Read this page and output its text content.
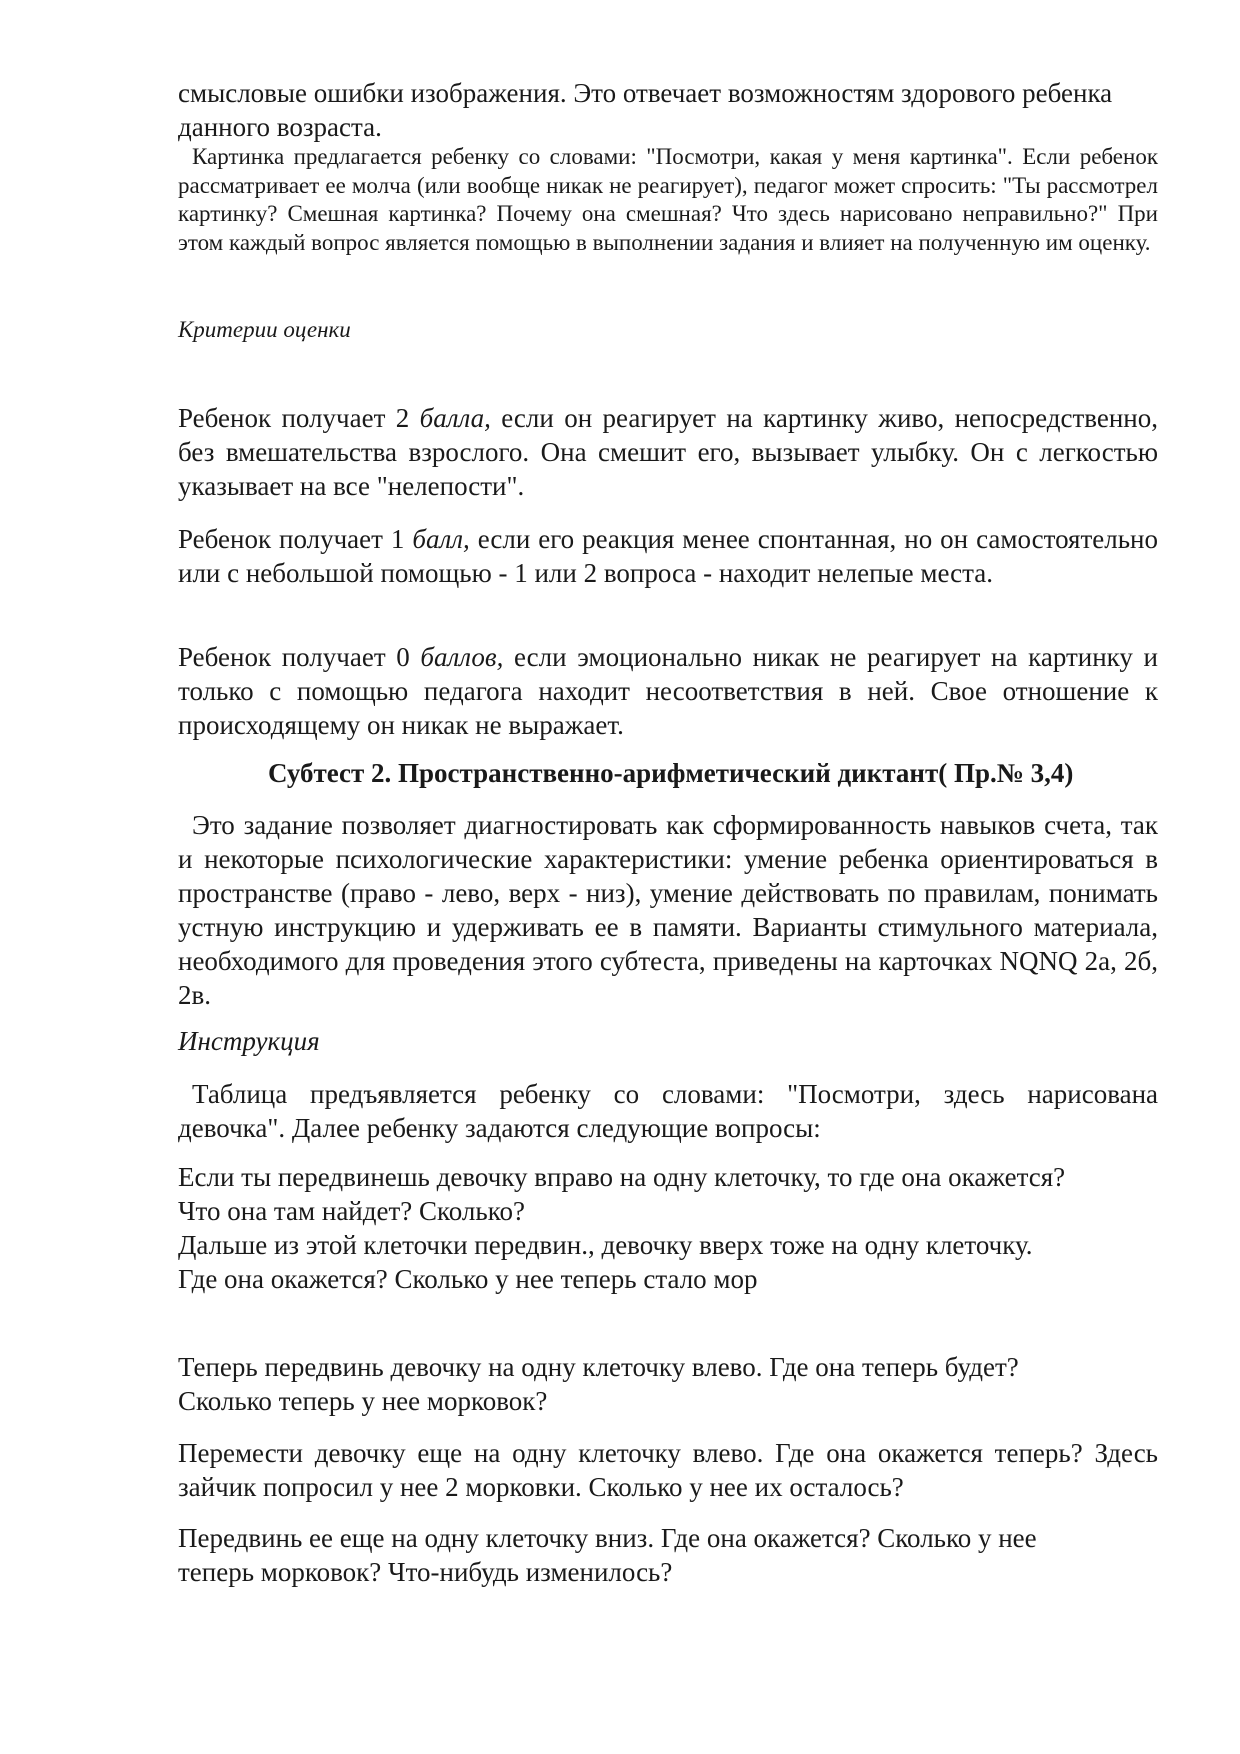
смысловые ошибки изображения. Это отвечает возможностям здорового ребенка данного возраста.

Картинка предлагается ребенку со словами: "Посмотри, какая у меня картинка". Если ребенок рассматривает ее молча (или вообще никак не реагирует), педагог может спросить: "Ты рассмотрел картинку? Смешная картинка? Почему она смешная? Что здесь нарисовано неправильно?" При этом каждый вопрос является помощью в выполнении задания и влияет на полученную им оценку.

Критерии оценки

Ребенок получает 2 балла, если он реагирует на картинку живо, непосредственно, без вмешательства взрослого. Она смешит его, вызывает улыбку. Он с легкостью указывает на все "нелепости".

Ребенок получает 1 балл, если его реакция менее спонтанная, но он самостоятельно или с небольшой помощью - 1 или 2 вопроса - находит нелепые места.

Ребенок получает 0 баллов, если эмоционально никак не реагирует на картинку и только с помощью педагога находит несоответствия в ней. Свое отношение к происходящему он никак не выражает.

Субтест 2. Пространственно-арифметический диктант( Пр.№ 3,4)

Это задание позволяет диагностировать как сформированность навыков счета, так и некоторые психологические характеристики: умение ребенка ориентироваться в пространстве (право - лево, верх - низ), умение действовать по правилам, понимать устную инструкцию и удерживать ее в памяти. Варианты стимульного материала, необходимого для проведения этого субтеста, приведены на карточках NQNQ 2а, 2б, 2в.

Инструкция

Таблица предъявляется ребенку со словами: "Посмотри, здесь нарисована девочка". Далее ребенку задаются следующие вопросы:

Если ты передвинешь девочку вправо на одну клеточку, то где она окажется?
Что она там найдет? Сколько?
Дальше из этой клеточки передвин., девочку вверх тоже на одну клеточку.
Где она окажется? Сколько у нее теперь стало мор

Теперь передвинь девочку на одну клеточку влево. Где она теперь будет?
Сколько теперь у нее морковок?

Перемести девочку еще на одну клеточку влево. Где она окажется теперь? Здесь зайчик попросил у нее 2 морковки. Сколько у нее их осталось?

Передвинь ее еще на одну клеточку вниз. Где она окажется? Сколько у нее
теперь морковок? Что-нибудь изменилось?
